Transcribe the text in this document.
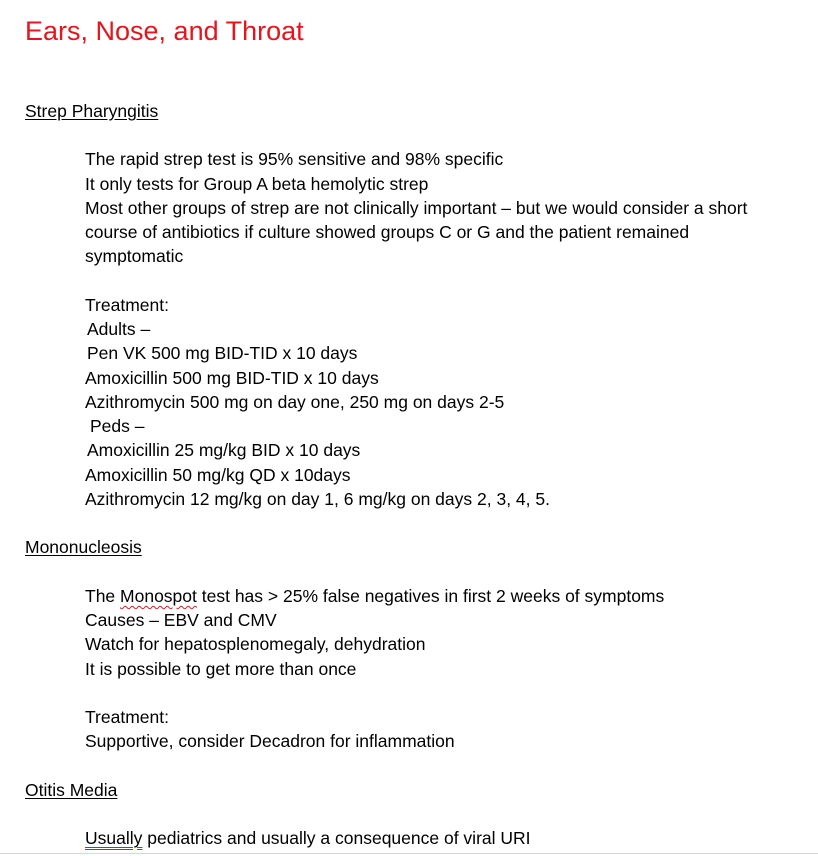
Ears, Nose, and Throat
Strep Pharyngitis
The rapid strep test is 95% sensitive and 98% specific
It only tests for Group A beta hemolytic strep
Most other groups of strep are not clinically important – but we would consider a short
course of antibiotics if culture showed groups C or G and the patient remained
symptomatic
Treatment:
Adults –
Pen VK 500 mg BID-TID x 10 days
Amoxicillin 500 mg BID-TID x 10 days
Azithromycin 500 mg on day one, 250 mg on days 2-5
Peds –
Amoxicillin 25 mg/kg BID x 10 days
Amoxicillin 50 mg/kg QD x 10days
Azithromycin 12 mg/kg on day 1, 6 mg/kg on days 2, 3, 4, 5.
Mononucleosis
The Monospot test has > 25% false negatives in first 2 weeks of symptoms
Causes – EBV and CMV
Watch for hepatosplenomegaly, dehydration
It is possible to get more than once
Treatment:
Supportive, consider Decadron for inflammation
Otitis Media
Usually pediatrics and usually a consequence of viral URI
